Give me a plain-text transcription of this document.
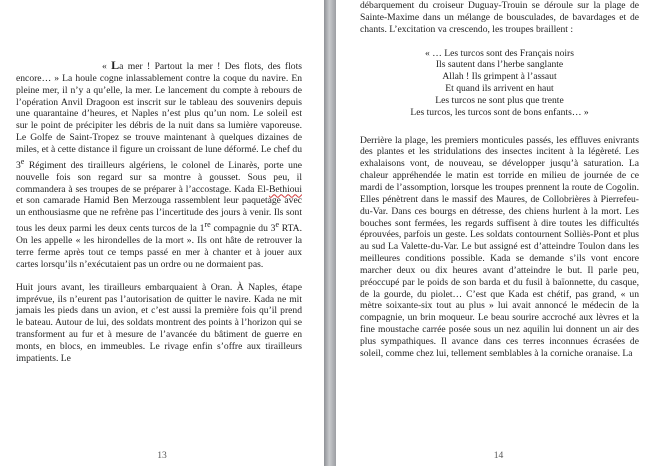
« La mer ! Partout la mer ! Des flots, des flots encore… » La houle cogne inlassablement contre la coque du navire. En pleine mer, il n’y a qu’elle, la mer. Le lancement du compte à rebours de l’opération Anvil Dragoon est inscrit sur le tableau des souvenirs depuis une quarantaine d’heures, et Naples n’est plus qu’un nom. Le soleil est sur le point de précipiter les débris de la nuit dans sa lumière vaporeuse. Le Golfe de Saint-Tropez se trouve maintenant à quelques dizaines de miles, et à cette distance il figure un croissant de lune déformé. Le chef du 3e Régiment des tirailleurs algériens, le colonel de Linarès, porte une nouvelle fois son regard sur sa montre à gousset. Sous peu, il commandera à ses troupes de se préparer à l’accostage. Kada El-Bethioui et son camarade Hamid Ben Merzouga rassemblent leur paquetage avec un enthousiasme que ne refrène pas l’incertitude des jours à venir. Ils sont tous les deux parmi les deux cents turcos de la 1re compagnie du 3e RTA. On les appelle « les hirondelles de la mort ». Ils ont hâte de retrouver la terre ferme après tout ce temps passé en mer à chanter et à jouer aux cartes lorsqu’ils n’exécutaient pas un ordre ou ne dormaient pas.

Huit jours avant, les tirailleurs embarquaient à Oran. À Naples, étape imprévue, ils n’eurent pas l’autorisation de quitter le navire. Kada ne mit jamais les pieds dans un avion, et c’est aussi la première fois qu’il prend le bateau. Autour de lui, des soldats montrent des points à l’horizon qui se transforment au fur et à mesure de l’avancée du bâtiment de guerre en monts, en blocs, en immeubles. Le rivage enfin s’offre aux tirailleurs impatients. Le

13

débarquement du croiseur Duguay-Trouin se déroule sur la plage de Sainte-Maxime dans un mélange de bousculades, de bavardages et de chants. L’excitation va crescendo, les troupes braillent :

« … Les turcos sont des Français noirs
Ils sautent dans l’herbe sanglante
Allah ! Ils grimpent à l’assaut
Et quand ils arrivent en haut
Les turcos ne sont plus que trente
Les turcos, les turcos sont de bons enfants… »

Derrière la plage, les premiers monticules passés, les effluves enivrants des plantes et les stridulations des insectes incitent à la légèreté. Les exhalaisons vont, de nouveau, se développer jusqu’à saturation. La chaleur appréhendée le matin est torride en milieu de journée de ce mardi de l’assomption, lorsque les troupes prennent la route de Cogolin. Elles pénètrent dans le massif des Maures, de Collobrières à Pierrefeu-du-Var. Dans ces bourgs en détresse, des chiens hurlent à la mort. Les bouches sont fermées, les regards suffisent à dire toutes les difficultés éprouvées, parfois un geste. Les soldats contournent Solliès-Pont et plus au sud La Valette-du-Var. Le but assigné est d’atteindre Toulon dans les meilleures conditions possible. Kada se demande s’ils vont encore marcher deux ou dix heures avant d’atteindre le but. Il parle peu, préoccupé par le poids de son barda et du fusil à baïonnette, du casque, de la gourde, du piolet… C’est que Kada est chétif, pas grand, « un mètre soixante-six tout au plus » lui avait annoncé le médecin de la compagnie, un brin moqueur. Le beau sourire accroché aux lèvres et la fine moustache carrée posée sous un nez aquilin lui donnent un air des plus sympathiques. Il avance dans ces terres inconnues écrasées de soleil, comme chez lui, tellement semblables à la corniche oranaise. La

14
